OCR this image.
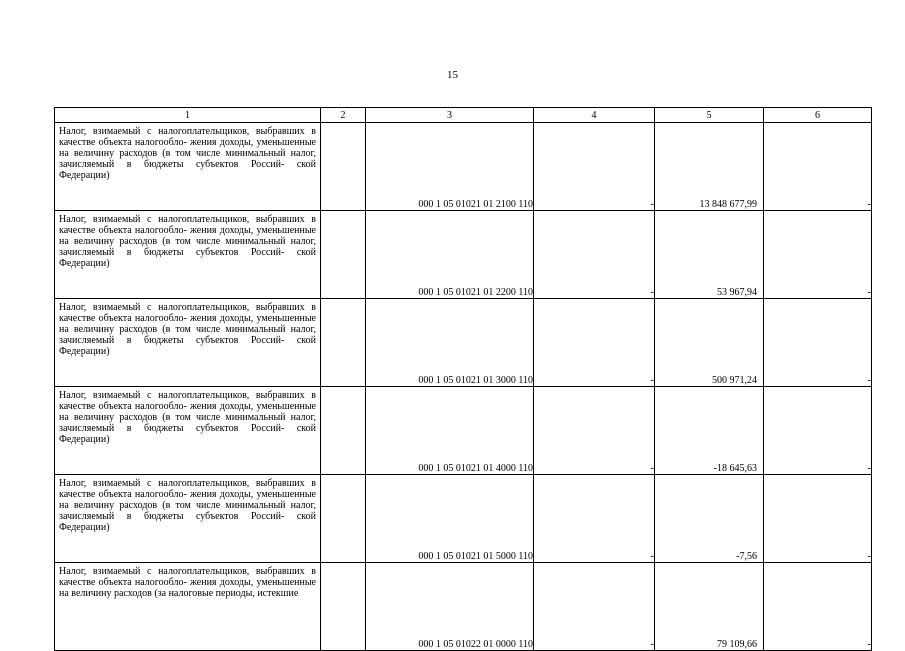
15
1	2	3	4	5	6

Налог, взимаемый с налогоплательщиков, выбравших в качестве объекта налогообло- жения доходы, уменьшенные на величину расходов (в том числе минимальный налог, зачисляемый в бюджеты субъектов Россий- ской Федерации)		000 1 05 01021 01 2100 110	-	13 848 677,99	-

Налог, взимаемый с налогоплательщиков, выбравших в качестве объекта налогообло- жения доходы, уменьшенные на величину расходов (в том числе минимальный налог, зачисляемый в бюджеты субъектов Россий- ской Федерации)		000 1 05 01021 01 2200 110	-	53 967,94	-

Налог, взимаемый с налогоплательщиков, выбравших в качестве объекта налогообло- жения доходы, уменьшенные на величину расходов (в том числе минимальный налог, зачисляемый в бюджеты субъектов Россий- ской Федерации)		000 1 05 01021 01 3000 110	-	500 971,24	-

Налог, взимаемый с налогоплательщиков, выбравших в качестве объекта налогообло- жения доходы, уменьшенные на величину расходов (в том числе минимальный налог, зачисляемый в бюджеты субъектов Россий- ской Федерации)		000 1 05 01021 01 4000 110	-	-18 645,63	-

Налог, взимаемый с налогоплательщиков, выбравших в качестве объекта налогообло- жения доходы, уменьшенные на величину расходов (в том числе минимальный налог, зачисляемый в бюджеты субъектов Россий- ской Федерации)		000 1 05 01021 01 5000 110	-	-7,56	-

Налог, взимаемый с налогоплательщиков, выбравших в качестве объекта налогообло- жения доходы, уменьшенные на величину расходов (за налоговые периоды, истекшие		000 1 05 01022 01 0000 110	-	79 109,66	-
